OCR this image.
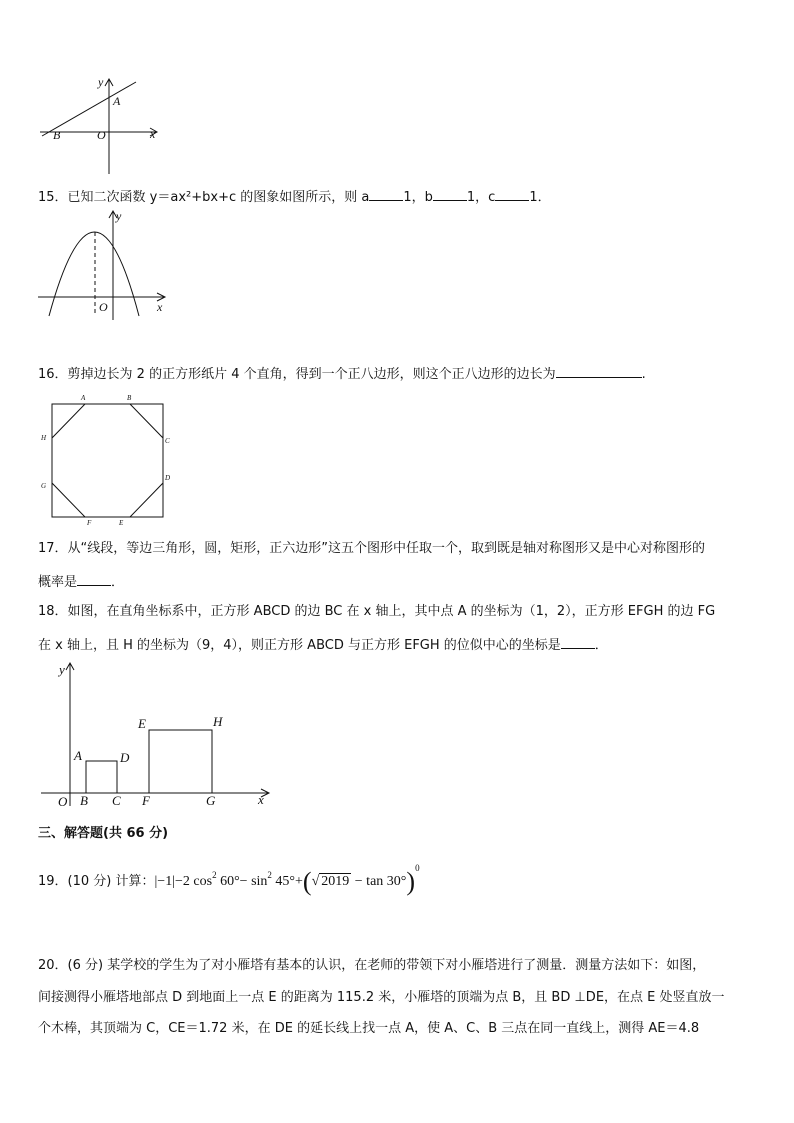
y
A
B	O	x
15．已知二次函数 y＝ax²+bx+c 的图象如图所示，则 a	1，b	1，c	1．
y
O	x
16．剪掉边长为 2 的正方形纸片 4 个直角，得到一个正八边形，则这个正八边形的边长为	.
A	B
C
D
E
F
G
H
17．从“线段，等边三角形，圆，矩形，正六边形”这五个图形中任取一个，取到既是轴对称图形又是中心对称图形的
概率是	．
18．如图，在直角坐标系中，正方形 ABCD 的边 BC 在 x 轴上，其中点 A 的坐标为（1，2），正方形 EFGH 的边 FG
在 x 轴上，且 H 的坐标为（9，4），则正方形 ABCD 与正方形 EFGH 的位似中心的坐标是	．
y
O
A
B C
D
E
F	G
H
x
三、解答题(共 66 分)
19．(10 分) 计算：|−1|−2 $\cos^2 60^\circ- \sin^2 45^\circ+(√$ 2019 − tan 30°)$^0$
20．(6 分) 某学校的学生为了对小雁塔有基本的认识，在老师的带领下对小雁塔进行了测量．测量方法如下：如图，
间接测得小雁塔地部点 D 到地面上一点 E 的距离为 115.2 米，小雁塔的顶端为点 B，且 BD ⊥DE，在点 E 处竖直放一
个木棒，其顶端为 C，CE＝1.72 米，在 DE 的延长线上找一点 A，使 A、C、B 三点在同一直线上，测得 AE＝4.8
